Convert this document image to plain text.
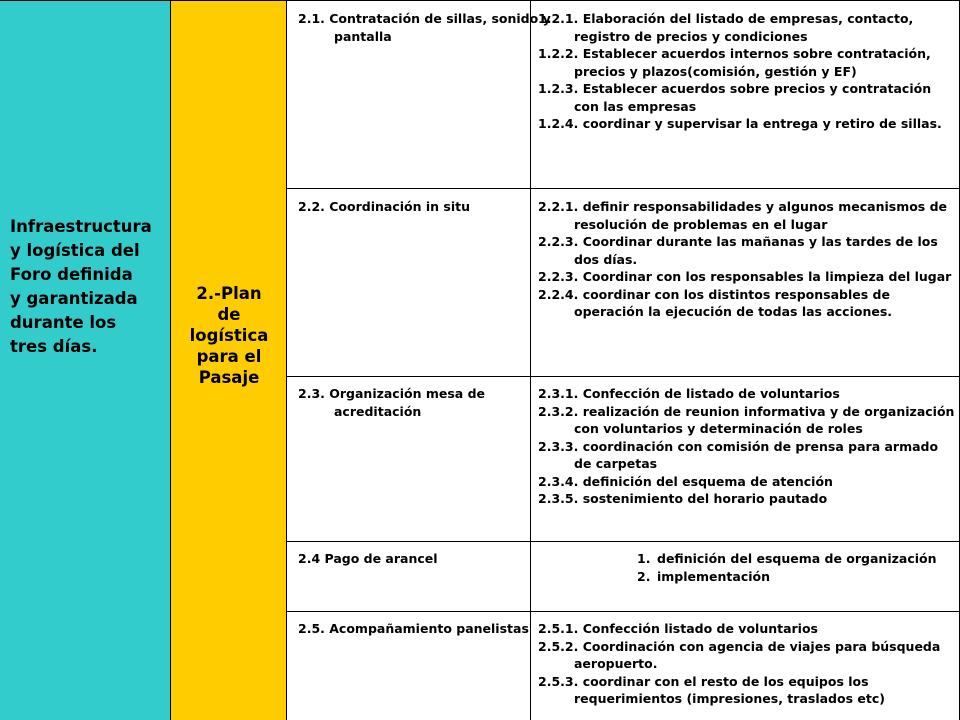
Infraestructura
y logística del
Foro definida
y garantizada
durante los
tres días.
2.-Plan
de
logística
para el
Pasaje
2.1. Contratación de sillas, sonido y pantalla
1.2.1. Elaboración del listado de empresas, contacto, registro de precios y condiciones
1.2.2. Establecer acuerdos internos sobre contratación, precios y plazos(comisión, gestión y EF)
1.2.3. Establecer acuerdos sobre precios y contratación con las empresas
1.2.4. coordinar y supervisar la entrega y retiro de sillas.
2.2. Coordinación in situ	2.2.1. definir responsabilidades y algunos mecanismos de resolución de problemas en el lugar
2.2.3. Coordinar durante las mañanas y las tardes de los dos días.
2.2.3. Coordinar con los responsables la limpieza del lugar
2.2.4. coordinar con los distintos responsables de operación la ejecución de todas las acciones.
2.3. Organización mesa de acreditación
2.3.1. Confección de listado de voluntarios
2.3.2. realización de reunion informativa y de organización con voluntarios y determinación de roles
2.3.3. coordinación con comisión de prensa para armado de carpetas
2.3.4. definición del esquema de atención
2.3.5. sostenimiento del horario pautado
2.4 Pago de arancel	1. definición del esquema de organización
2. implementación
2.5. Acompañamiento panelistas 2.5.1. Confección listado de voluntarios
2.5.2. Coordinación con agencia de viajes para búsqueda aeropuerto.
2.5.3. coordinar con el resto de los equipos los requerimientos (impresiones, traslados etc)
